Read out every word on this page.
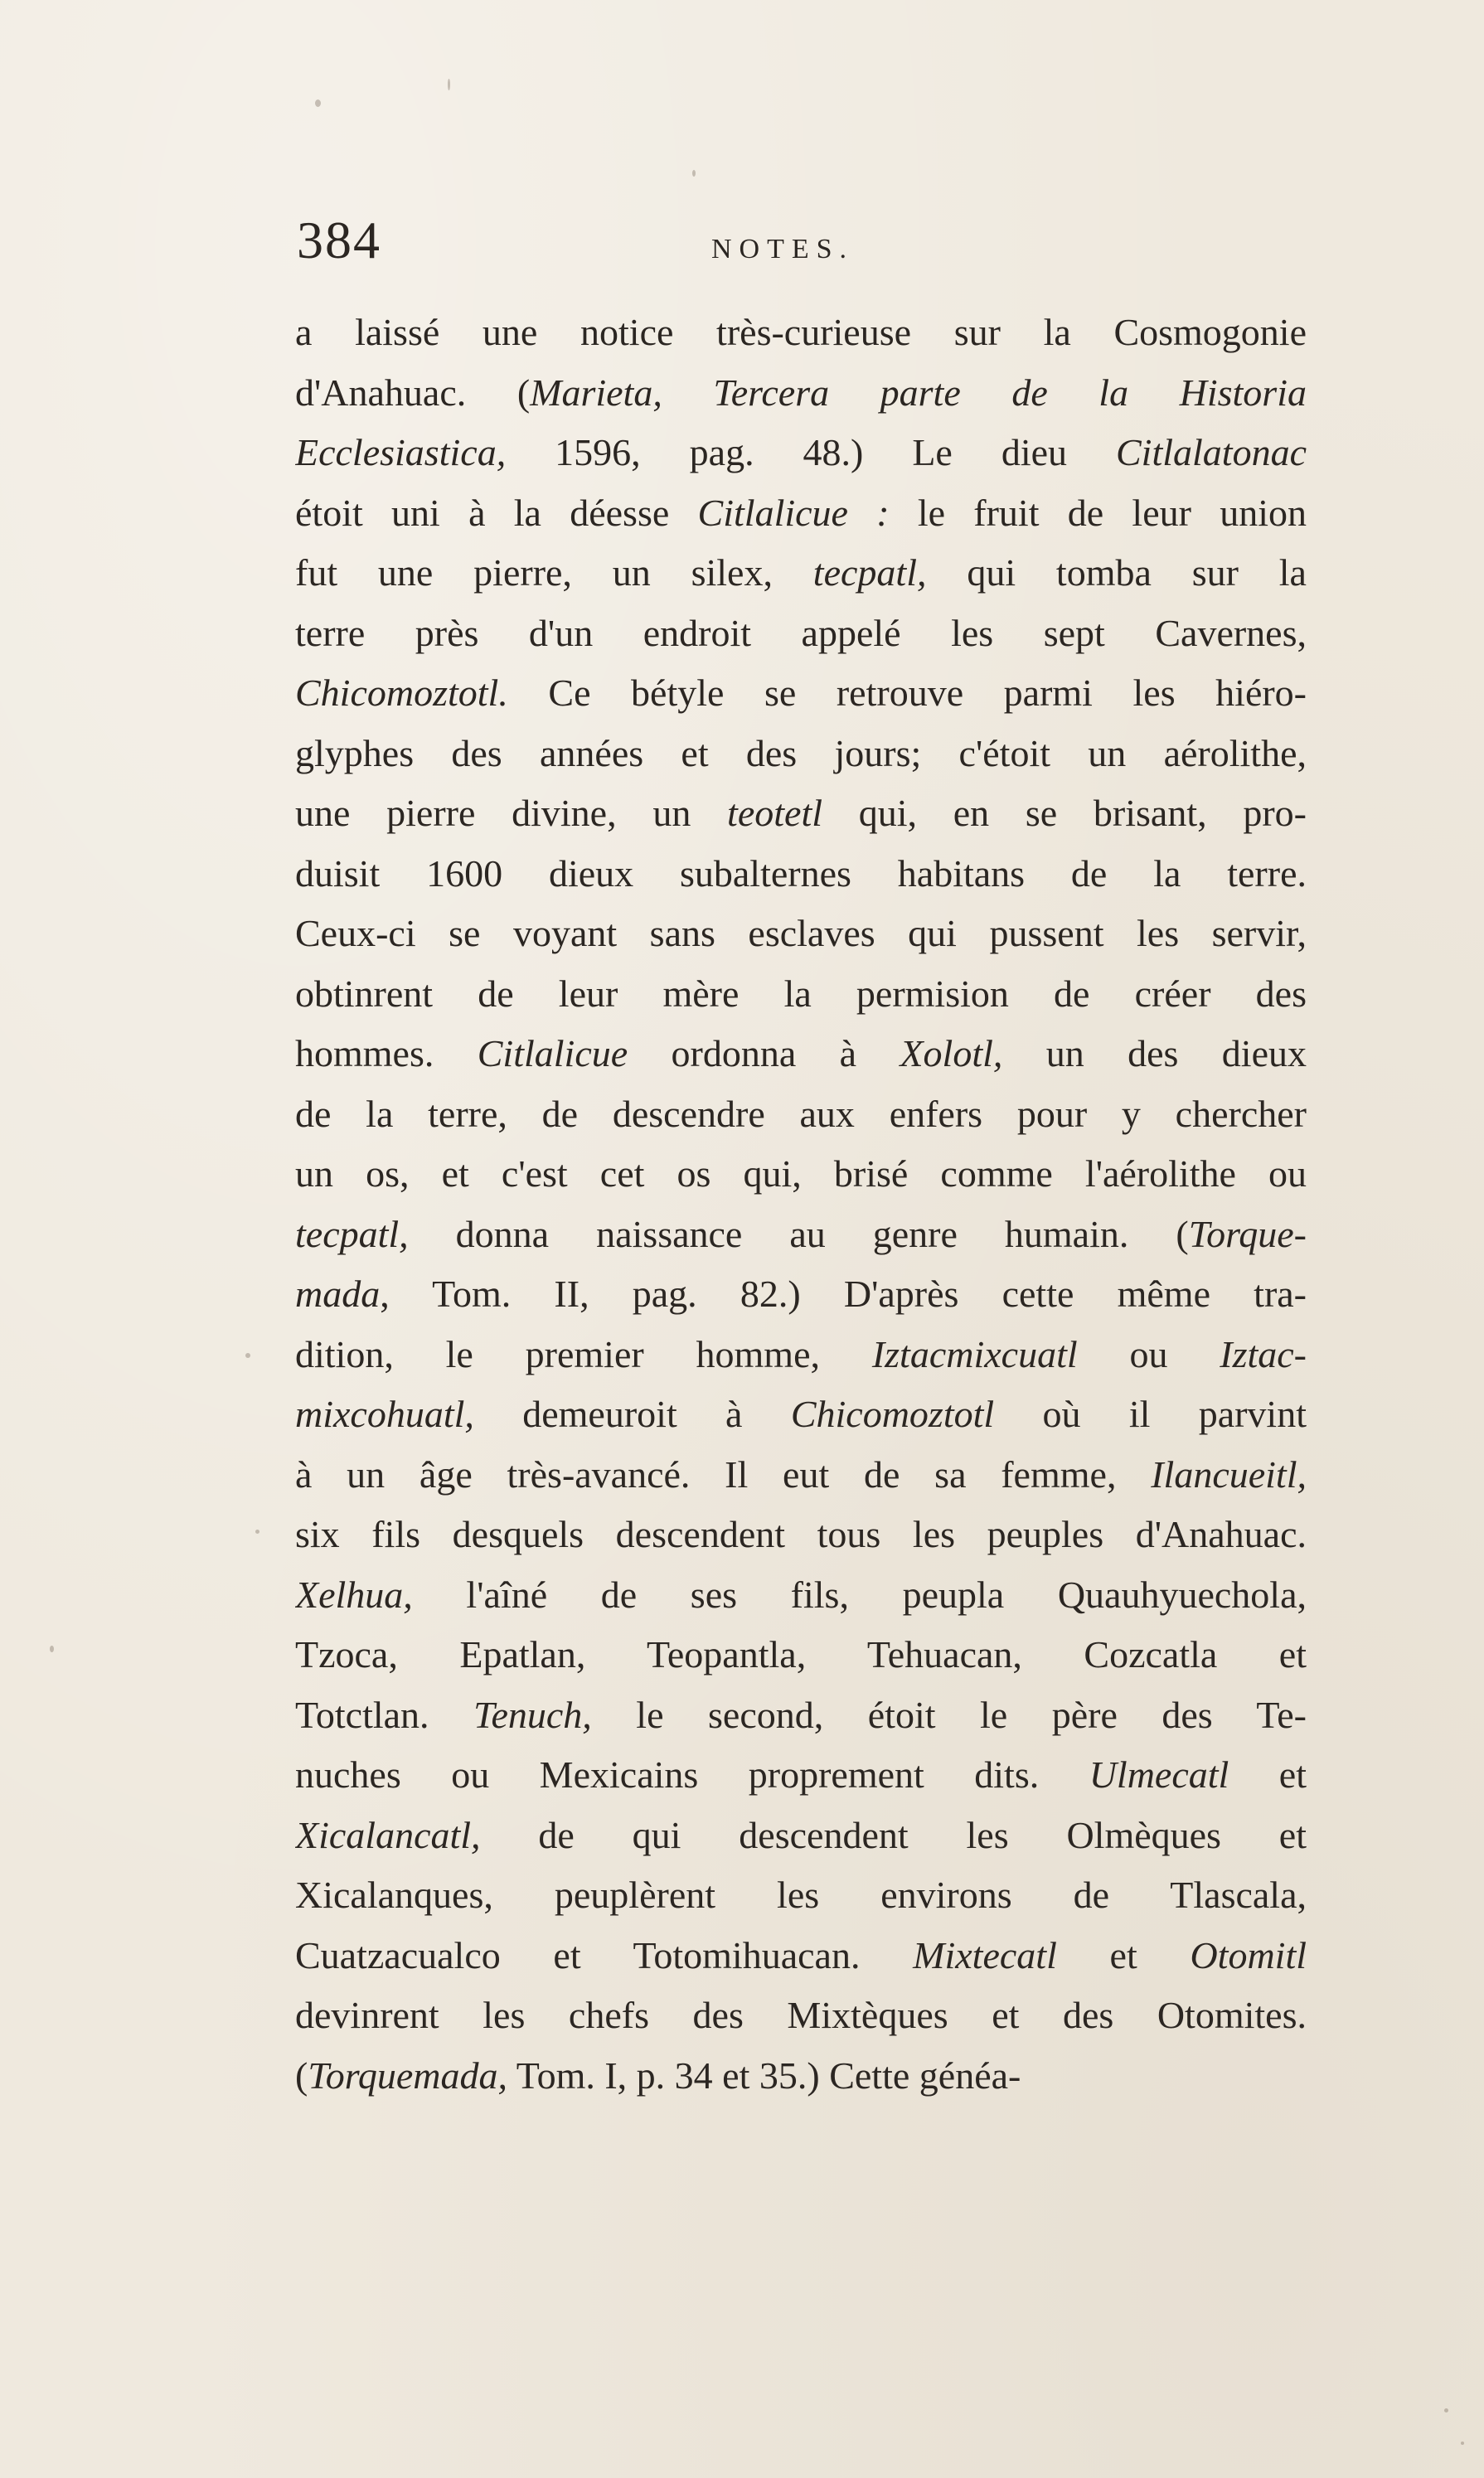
384	NOTES.
a laissé une notice très-curieuse sur la Cosmogonie
d'Anahuac. (Marieta, Tercera parte de la Historia
Ecclesiastica, 1596, pag. 48.) Le dieu Citlalatonac
étoit uni à la déesse Citlalicue : le fruit de leur union
fut une pierre, un silex, tecpatl, qui tomba sur la
terre près d'un endroit appelé les sept Cavernes,
Chicomoztotl. Ce bétyle se retrouve parmi les hiéro-
glyphes des années et des jours; c'étoit un aérolithe,
une pierre divine, un teotetl qui, en se brisant, pro-
duisit 1600 dieux subalternes habitans de la terre.
Ceux-ci se voyant sans esclaves qui pussent les servir,
obtinrent de leur mère la permision de créer des
hommes. Citlalicue ordonna à Xolotl, un des dieux
de la terre, de descendre aux enfers pour y chercher
un os, et c'est cet os qui, brisé comme l'aérolithe ou
tecpatl, donna naissance au genre humain. (Torque-
mada, Tom. II, pag. 82.) D'après cette même tra-
dition, le premier homme, Iztacmixcuatl ou Iztac-
mixcohuatl, demeuroit à Chicomoztotl où il parvint
à un âge très-avancé. Il eut de sa femme, Ilancueitl,
six fils desquels descendent tous les peuples d'Anahuac.
Xelhua, l'aîné de ses fils, peupla Quauhyuechola,
Tzoca, Epatlan, Teopantla, Tehuacan, Cozcatla et
Totctlan. Tenuch, le second, étoit le père des Te-
nuches ou Mexicains proprement dits. Ulmecatl et
Xicalancatl, de qui descendent les Olmèques et
Xicalanques, peuplèrent les environs de Tlascala,
Cuatzacualco et Totomihuacan. Mixtecatl et Otomitl
devinrent les chefs des Mixtèques et des Otomites.
(Torquemada, Tom. I, p. 34 et 35.) Cette généa-
